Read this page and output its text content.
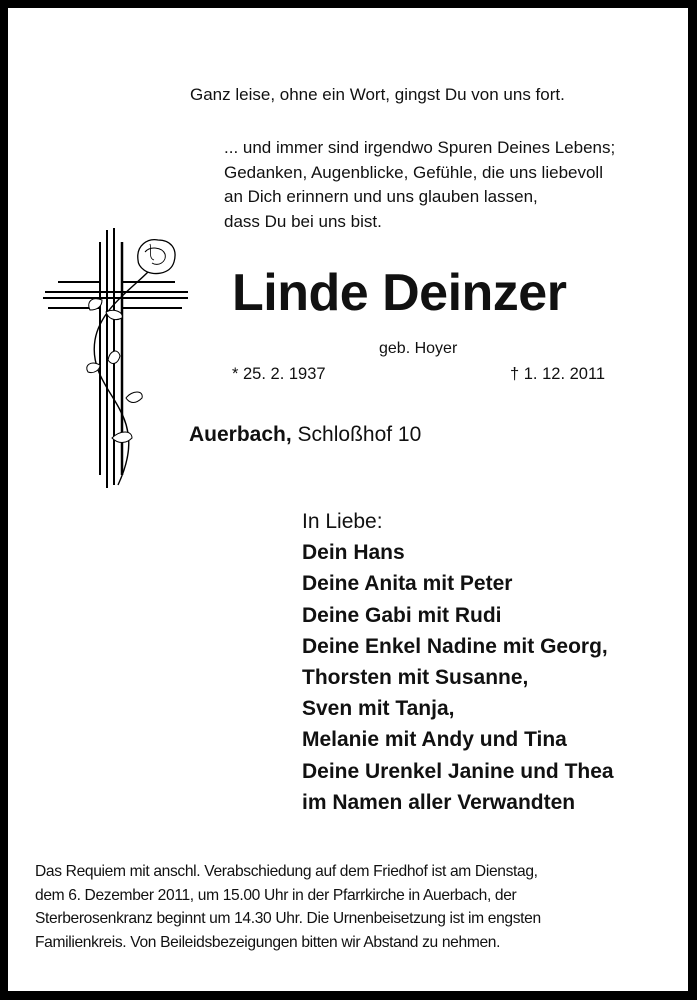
Ganz leise, ohne ein Wort, gingst Du von uns fort.
... und immer sind irgendwo Spuren Deines Lebens;
Gedanken, Augenblicke, Gefühle, die uns liebevoll
an Dich erinnern und uns glauben lassen,
dass Du bei uns bist.
Linde Deinzer
geb. Hoyer
* 25. 2. 1937	† 1. 12. 2011
Auerbach, Schloßhof 10
In Liebe:
Dein Hans
Deine Anita mit Peter
Deine Gabi mit Rudi
Deine Enkel Nadine mit Georg,
Thorsten mit Susanne,
Sven mit Tanja,
Melanie mit Andy und Tina
Deine Urenkel Janine und Thea
im Namen aller Verwandten
Das Requiem mit anschl. Verabschiedung auf dem Friedhof ist am Dienstag,
dem 6. Dezember 2011, um 15.00 Uhr in der Pfarrkirche in Auerbach, der
Sterberosenkranz beginnt um 14.30 Uhr. Die Urnenbeisetzung ist im engsten
Familienkreis. Von Beileidsbezeigungen bitten wir Abstand zu nehmen.
